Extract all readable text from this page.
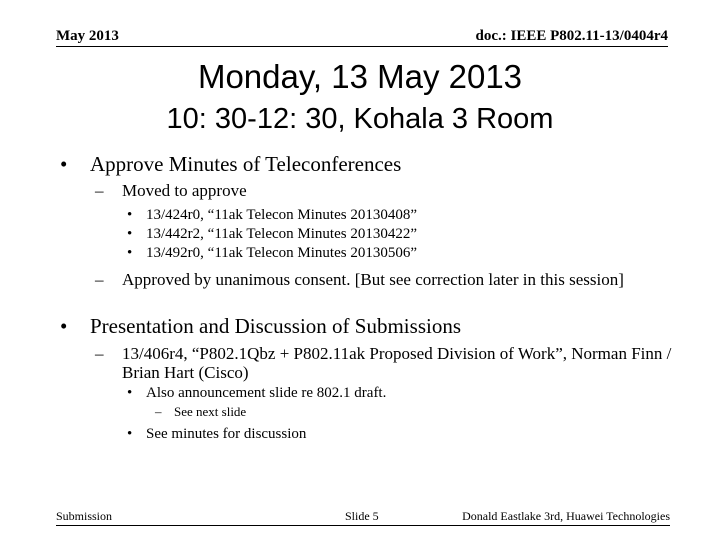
May 2013	doc.: IEEE P802.11-13/0404r4
Monday, 13 May 2013
10: 30-12: 30, Kohala 3 Room
•	Approve Minutes of Teleconferences
–	Moved to approve
• 13/424r0, “11ak Telecon Minutes 20130408”
• 13/442r2, “11ak Telecon Minutes 20130422”
• 13/492r0, “11ak Telecon Minutes 20130506”
–	Approved by unanimous consent. [But see correction later in this session]
•	Presentation and Discussion of Submissions
–	13/406r4, “P802.1Qbz + P802.11ak Proposed Division of Work”, Norman Finn / Brian Hart (Cisco)
• Also announcement slide re 802.1 draft.
– See next slide
• See minutes for discussion
Submission	Slide 5	Donald Eastlake 3rd, Huawei Technologies
